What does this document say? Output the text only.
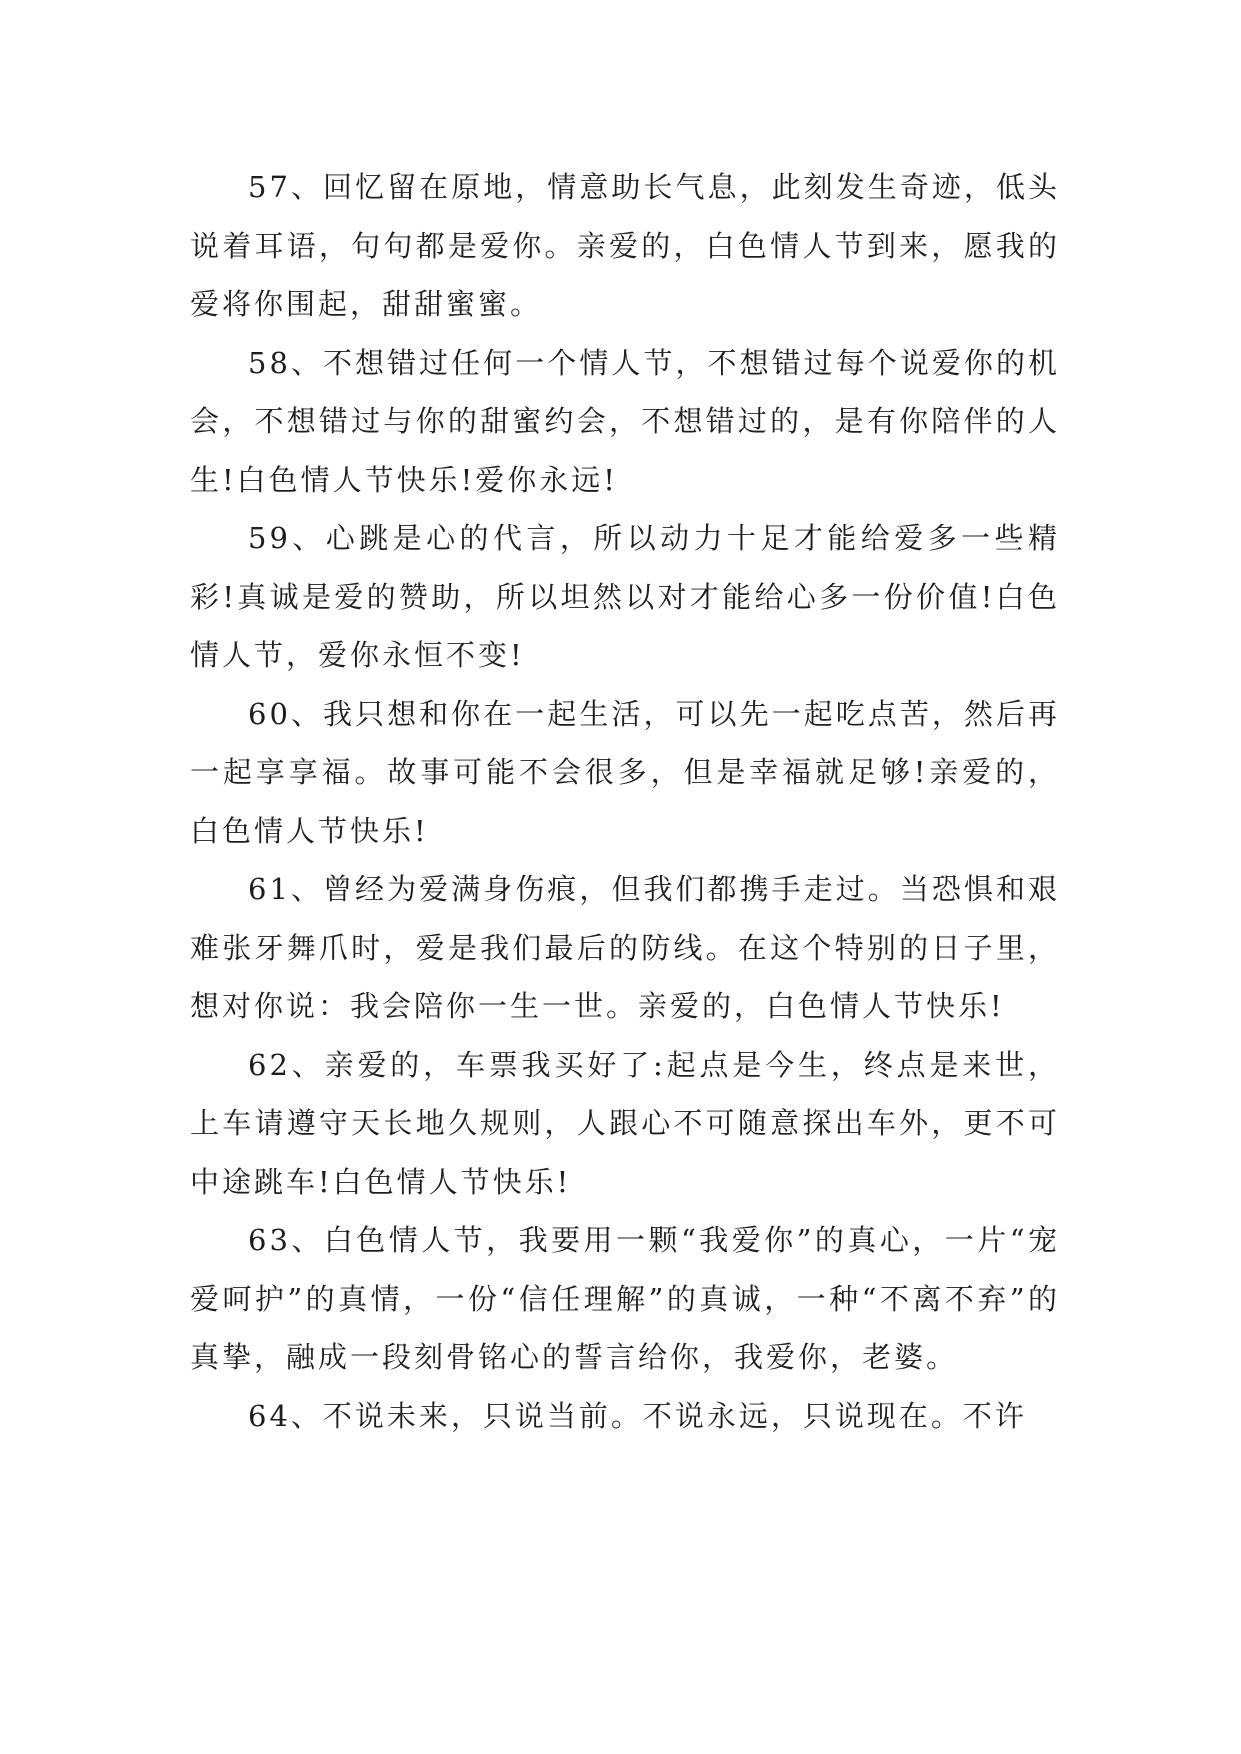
57、回忆留在原地，情意助长气息，此刻发生奇迹，低头说着耳语，句句都是爱你。亲爱的，白色情人节到来，愿我的爱将你围起，甜甜蜜蜜。

58、不想错过任何一个情人节，不想错过每个说爱你的机会，不想错过与你的甜蜜约会，不想错过的，是有你陪伴的人生!白色情人节快乐!爱你永远!

59、心跳是心的代言，所以动力十足才能给爱多一些精彩!真诚是爱的赞助，所以坦然以对才能给心多一份价值!白色情人节，爱你永恒不变!

60、我只想和你在一起生活，可以先一起吃点苦，然后再一起享享福。故事可能不会很多，但是幸福就足够!亲爱的，白色情人节快乐!

61、曾经为爱满身伤痕，但我们都携手走过。当恐惧和艰难张牙舞爪时，爱是我们最后的防线。在这个特别的日子里，想对你说：我会陪你一生一世。亲爱的，白色情人节快乐!

62、亲爱的，车票我买好了:起点是今生，终点是来世，上车请遵守天长地久规则，人跟心不可随意探出车外，更不可中途跳车!白色情人节快乐!

63、白色情人节，我要用一颗“我爱你”的真心，一片“宠爱呵护”的真情，一份“信任理解”的真诚，一种“不离不弃”的真挚，融成一段刻骨铭心的誓言给你，我爱你，老婆。

64、不说未来，只说当前。不说永远，只说现在。不许
